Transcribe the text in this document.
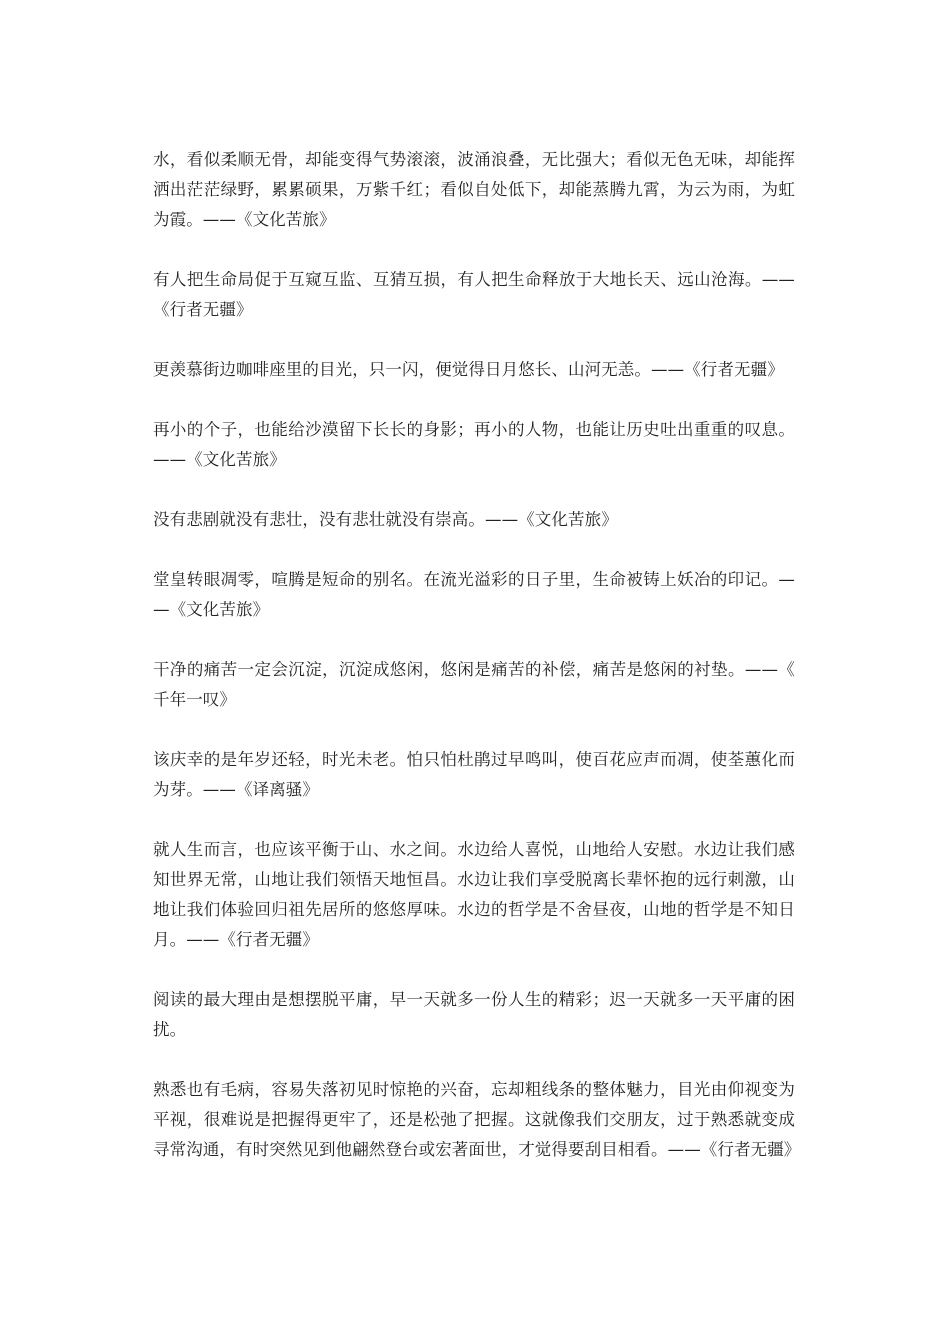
水，看似柔顺无骨，却能变得气势滚滚，波涌浪叠，无比强大；看似无色无味，却能挥洒出茫茫绿野，累累硕果，万紫千红；看似自处低下，却能蒸腾九霄，为云为雨，为虹为霞。——《文化苦旅》

有人把生命局促于互窥互监、互猜互损，有人把生命释放于大地长天、远山沧海。——《行者无疆》

更羡慕街边咖啡座里的目光，只一闪，便觉得日月悠长、山河无恙。——《行者无疆》

再小的个子，也能给沙漠留下长长的身影；再小的人物，也能让历史吐出重重的叹息。——《文化苦旅》

没有悲剧就没有悲壮，没有悲壮就没有崇高。——《文化苦旅》

堂皇转眼凋零，喧腾是短命的别名。在流光溢彩的日子里，生命被铸上妖冶的印记。——《文化苦旅》

干净的痛苦一定会沉淀，沉淀成悠闲，悠闲是痛苦的补偿，痛苦是悠闲的衬垫。——《千年一叹》

该庆幸的是年岁还轻，时光未老。怕只怕杜鹃过早鸣叫，使百花应声而凋，使荃蕙化而为芽。——《译离骚》

就人生而言，也应该平衡于山、水之间。水边给人喜悦，山地给人安慰。水边让我们感知世界无常，山地让我们领悟天地恒昌。水边让我们享受脱离长辈怀抱的远行刺激，山地让我们体验回归祖先居所的悠悠厚味。水边的哲学是不舍昼夜，山地的哲学是不知日月。——《行者无疆》

阅读的最大理由是想摆脱平庸，早一天就多一份人生的精彩；迟一天就多一天平庸的困扰。

熟悉也有毛病，容易失落初见时惊艳的兴奋，忘却粗线条的整体魅力，目光由仰视变为平视，很难说是把握得更牢了，还是松弛了把握。这就像我们交朋友，过于熟悉就变成寻常沟通，有时突然见到他翩然登台或宏著面世，才觉得要刮目相看。——《行者无疆》
